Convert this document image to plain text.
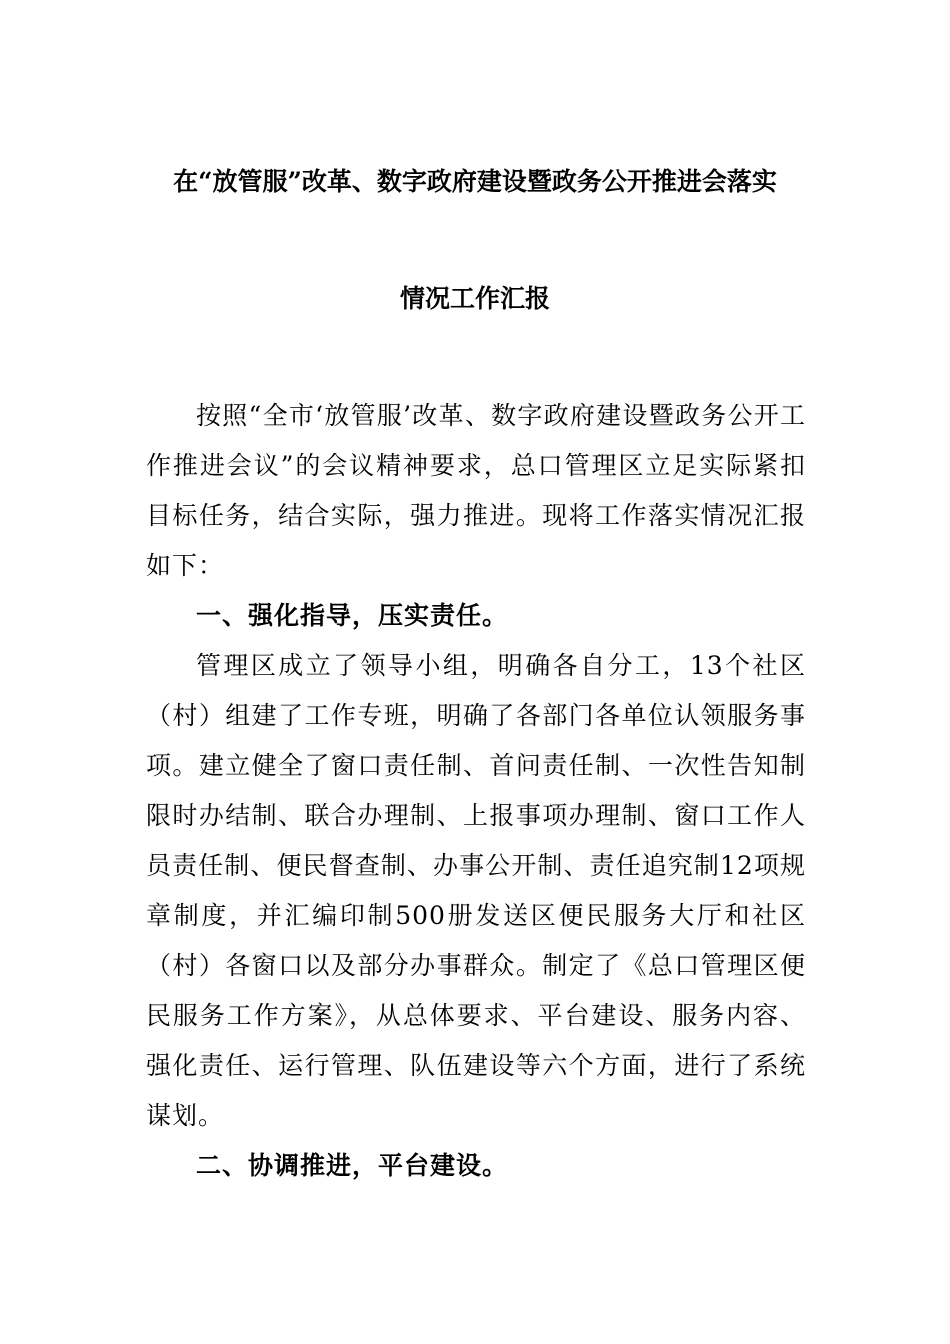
在“放管服”改革、数字政府建设暨政务公开推进会落实
情况工作汇报
按照“全市‘放管服’改革、数字政府建设暨政务公开工作推进会议”的会议精神要求，总口管理区立足实际紧扣目标任务，结合实际，强力推进。现将工作落实情况汇报如下：
一、强化指导，压实责任。
管理区成立了领导小组，明确各自分工，13个社区（村）组建了工作专班，明确了各部门各单位认领服务事项。建立健全了窗口责任制、首问责任制、一次性告知制限时办结制、联合办理制、上报事项办理制、窗口工作人员责任制、便民督查制、办事公开制、责任追究制12项规章制度，并汇编印制500册发送区便民服务大厅和社区（村）各窗口以及部分办事群众。制定了《总口管理区便民服务工作方案》，从总体要求、平台建设、服务内容、强化责任、运行管理、队伍建设等六个方面，进行了系统谋划。
二、协调推进，平台建设。
